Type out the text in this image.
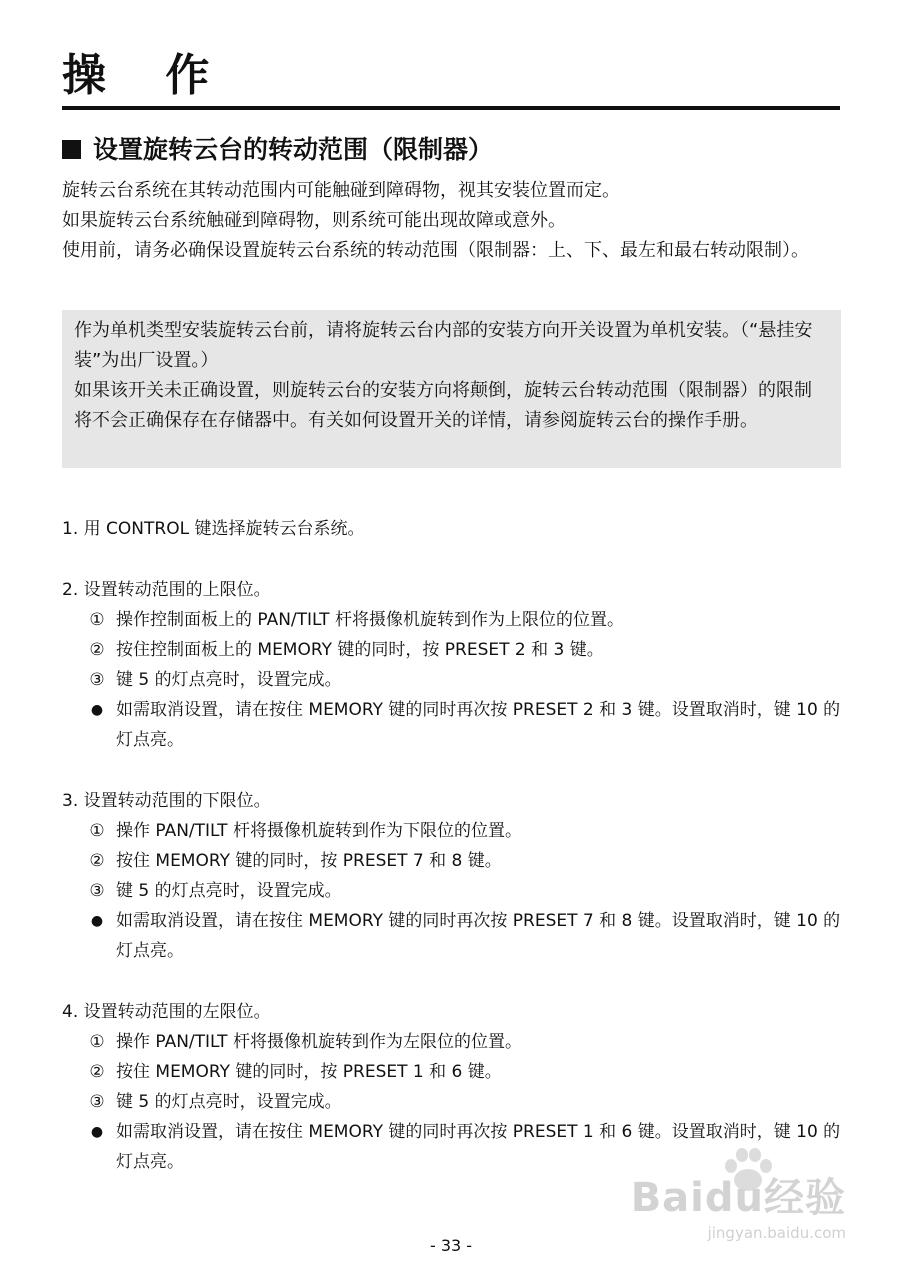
操 作
设置旋转云台的转动范围（限制器）

旋转云台系统在其转动范围内可能触碰到障碍物，视其安装位置而定。

如果旋转云台系统触碰到障碍物，则系统可能出现故障或意外。

使用前，请务必确保设置旋转云台系统的转动范围（限制器：上、下、最左和最右转动限制）。

作为单机类型安装旋转云台前，请将旋转云台内部的安装方向开关设置为单机安装。（“悬挂安装”为出厂设置。）

如果该开关未正确设置，则旋转云台的安装方向将颠倒，旋转云台转动范围（限制器）的限制将不会正确保存在存储器中。有关如何设置开关的详情，请参阅旋转云台的操作手册。

1. 用 CONTROL 键选择旋转云台系统。
2. 设置转动范围的上限位。
① 操作控制面板上的 PAN/TILT 杆将摄像机旋转到作为上限位的位置。
② 按住控制面板上的 MEMORY 键的同时，按 PRESET 2 和 3 键。
③ 键 5 的灯点亮时，设置完成。
● 如需取消设置，请在按住 MEMORY 键的同时再次按 PRESET 2 和 3 键。设置取消时，键 10 的灯点亮。
3. 设置转动范围的下限位。
① 操作 PAN/TILT 杆将摄像机旋转到作为下限位的位置。
② 按住 MEMORY 键的同时，按 PRESET 7 和 8 键。
③ 键 5 的灯点亮时，设置完成。
● 如需取消设置，请在按住 MEMORY 键的同时再次按 PRESET 7 和 8 键。设置取消时，键 10 的灯点亮。
4. 设置转动范围的左限位。
① 操作 PAN/TILT 杆将摄像机旋转到作为左限位的位置。
② 按住 MEMORY 键的同时，按 PRESET 1 和 6 键。
③ 键 5 的灯点亮时，设置完成。
● 如需取消设置，请在按住 MEMORY 键的同时再次按 PRESET 1 和 6 键。设置取消时，键 10 的灯点亮。
Baidu经验
jingyan.baidu.com
- 33 -
